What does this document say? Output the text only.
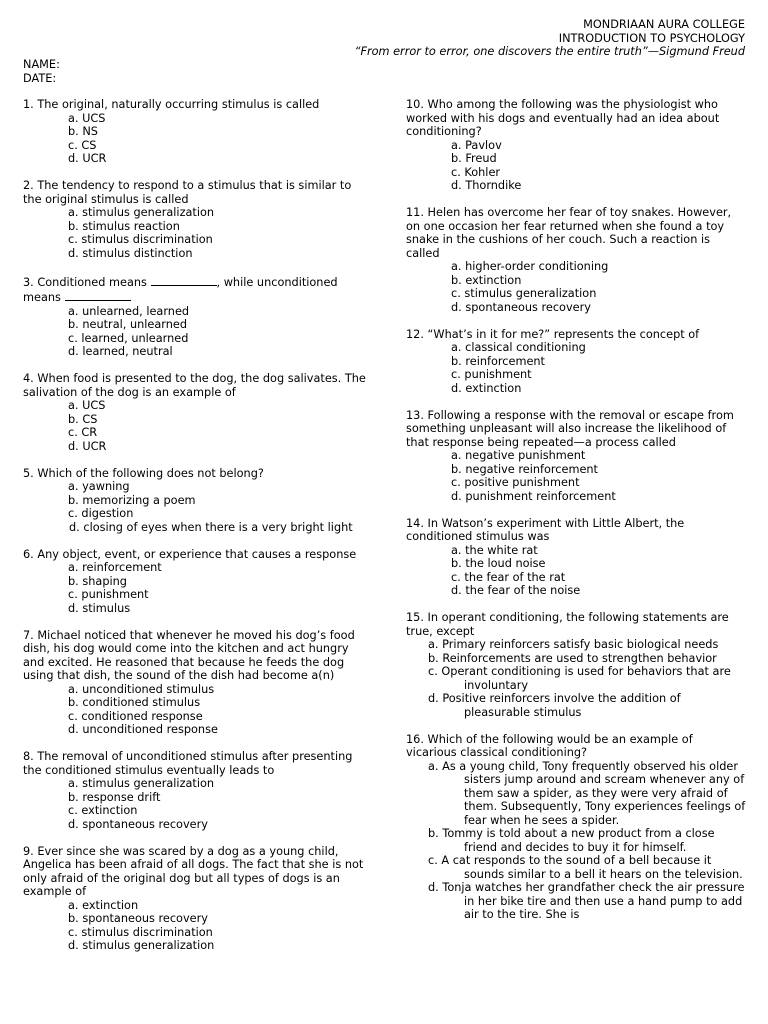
MONDRIAAN AURA COLLEGE
INTRODUCTION TO PSYCHOLOGY
“From error to error, one discovers the entire truth”—Sigmund Freud
NAME:
DATE:

1. The original, naturally occurring stimulus is called

a. UCS
b. NS
c. CS
d. UCR

2. The tendency to respond to a stimulus that is similar to the original stimulus is called

a. stimulus generalization
b. stimulus reaction
c. stimulus discrimination
d. stimulus distinction

3. Conditioned means	, while unconditioned means

a. unlearned, learned
b. neutral, unlearned
c. learned, unlearned
d. learned, neutral

4. When food is presented to the dog, the dog salivates. The salivation of the dog is an example of

a. UCS
b. CS
c. CR
d. UCR

5. Which of the following does not belong?

a. yawning
b. memorizing a poem
c. digestion
d. closing of eyes when there is a very bright light

6. Any object, event, or experience that causes a response

a. reinforcement
b. shaping
c. punishment
d. stimulus

7. Michael noticed that whenever he moved his dog’s food dish, his dog would come into the kitchen and act hungry and excited. He reasoned that because he feeds the dog using that dish, the sound of the dish had become a(n)

a. unconditioned stimulus
b. conditioned stimulus
c. conditioned response
d. unconditioned response

8. The removal of unconditioned stimulus after presenting the conditioned stimulus eventually leads to

a. stimulus generalization
b. response drift
c. extinction
d. spontaneous recovery

9. Ever since she was scared by a dog as a young child, Angelica has been afraid of all dogs. The fact that she is not only afraid of the original dog but all types of dogs is an example of

a. extinction
b. spontaneous recovery
c. stimulus discrimination
d. stimulus generalization

10. Who among the following was the physiologist who worked with his dogs and eventually had an idea about conditioning?

a. Pavlov
b. Freud
c. Kohler
d. Thorndike

11. Helen has overcome her fear of toy snakes. However, on one occasion her fear returned when she found a toy snake in the cushions of her couch. Such a reaction is called

a. higher-order conditioning
b. extinction
c. stimulus generalization
d. spontaneous recovery

12. “What’s in it for me?” represents the concept of

a. classical conditioning
b. reinforcement
c. punishment
d. extinction

13. Following a response with the removal or escape from something unpleasant will also increase the likelihood of that response being repeated—a process called

a. negative punishment
b. negative reinforcement
c. positive punishment
d. punishment reinforcement

14. In Watson’s experiment with Little Albert, the conditioned stimulus was

a. the white rat
b. the loud noise
c. the fear of the rat
d. the fear of the noise

15. In operant conditioning, the following statements are true, except

a. Primary reinforcers satisfy basic biological needs
b. Reinforcements are used to strengthen behavior
c. Operant conditioning is used for behaviors that are involuntary
d. Positive reinforcers involve the addition of pleasurable stimulus

16. Which of the following would be an example of vicarious classical conditioning?

a. As a young child, Tony frequently observed his older sisters jump around and scream whenever any of them saw a spider, as they were very afraid of them. Subsequently, Tony experiences feelings of fear when he sees a spider.
b. Tommy is told about a new product from a close friend and decides to buy it for himself.
c. A cat responds to the sound of a bell because it sounds similar to a bell it hears on the television.
d. Tonja watches her grandfather check the air pressure in her bike tire and then use a hand pump to add air to the tire. She is
